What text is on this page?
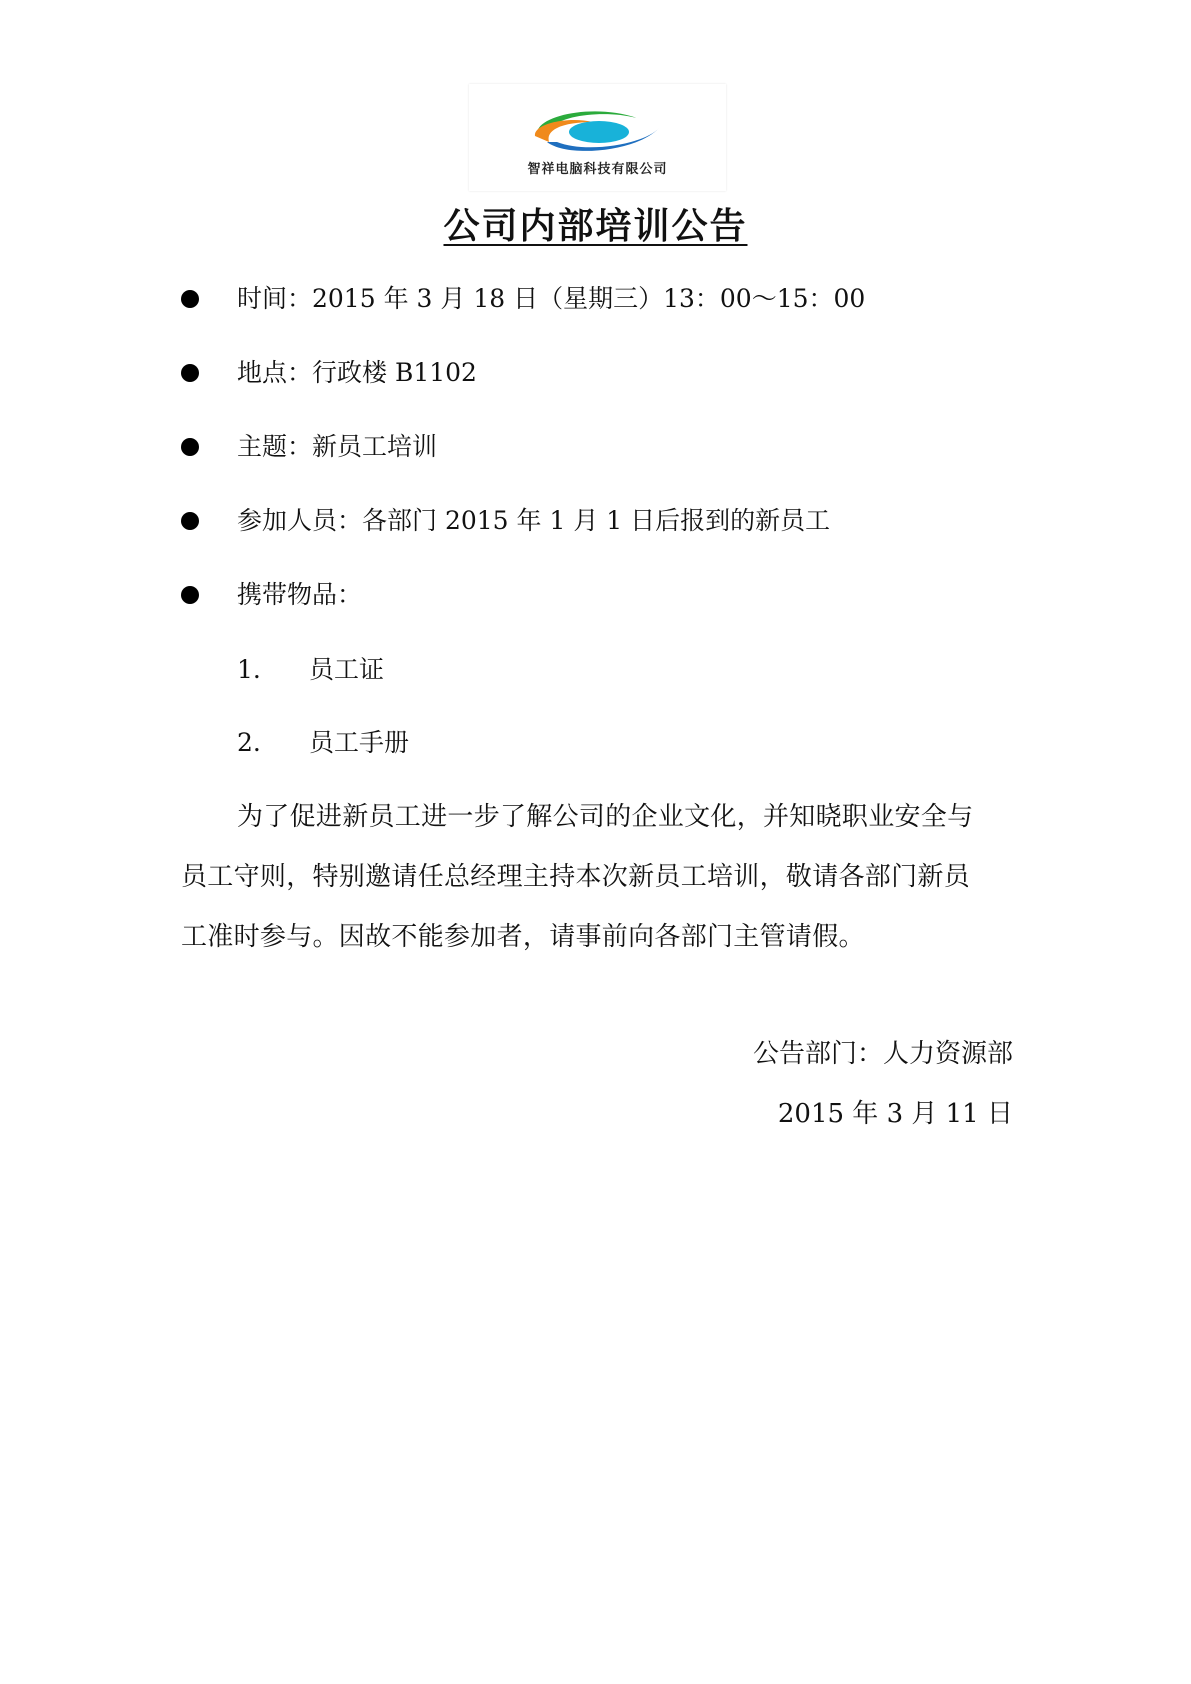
智祥电脑科技有限公司
公司内部培训公告
时间：2015 年 3 月 18 日（星期三）13：00～15：00
地点：行政楼 B1102
主题：新员工培训
参加人员：各部门 2015 年 1 月 1 日后报到的新员工
携带物品：
1. 员工证
2. 员工手册
为了促进新员工进一步了解公司的企业文化，并知晓职业安全与
员工守则，特别邀请任总经理主持本次新员工培训，敬请各部门新员
工准时参与。因故不能参加者，请事前向各部门主管请假。
公告部门：人力资源部
2015 年 3 月 11 日
